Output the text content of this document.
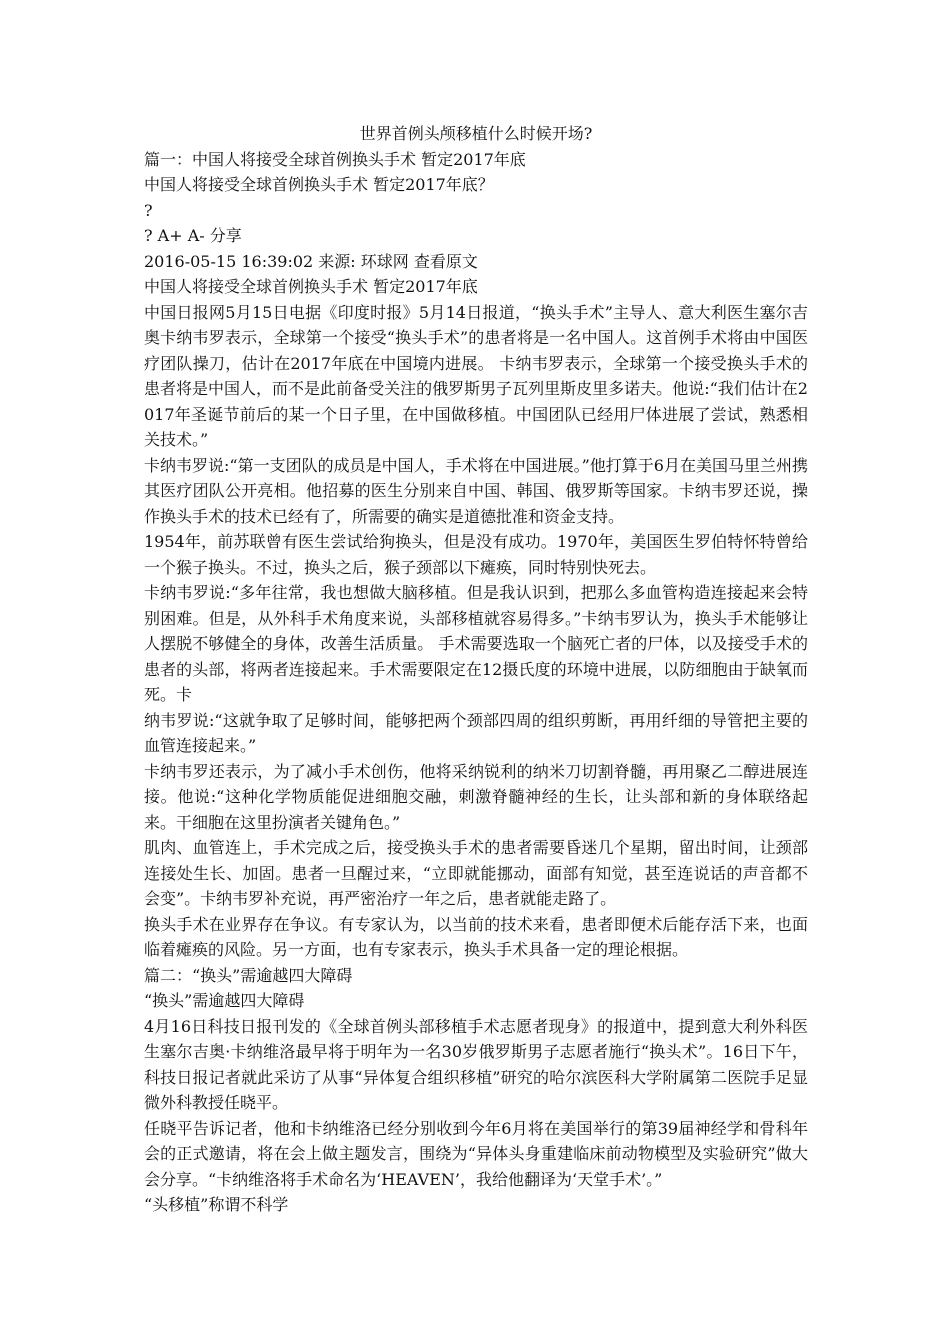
世界首例头颅移植什么时候开场?

篇一：中国人将接受全球首例换头手术 暂定2017年底

中国人将接受全球首例换头手术 暂定2017年底？

?

? A+ A- 分享

2016-05-15 16:39:02 来源: 环球网 查看原文

中国人将接受全球首例换头手术 暂定2017年底

中国日报网5月15日电据《印度时报》5月14日报道，“换头手术”主导人、意大利医生塞尔吉奥卡纳韦罗表示，全球第一个接受“换头手术”的患者将是一名中国人。这首例手术将由中国医疗团队操刀，估计在2017年底在中国境内进展。 卡纳韦罗表示，全球第一个接受换头手术的患者将是中国人，而不是此前备受关注的俄罗斯男子瓦列里斯皮里多诺夫。他说:“我们估计在2017年圣诞节前后的某一个日子里，在中国做移植。中国团队已经用尸体进展了尝试，熟悉相关技术。”

卡纳韦罗说:“第一支团队的成员是中国人，手术将在中国进展。”他打算于6月在美国马里兰州携其医疗团队公开亮相。他招募的医生分别来自中国、韩国、俄罗斯等国家。卡纳韦罗还说，操作换头手术的技术已经有了，所需要的确实是道德批准和资金支持。

1954年，前苏联曾有医生尝试给狗换头，但是没有成功。1970年，美国医生罗伯特怀特曾给一个猴子换头。不过，换头之后，猴子颈部以下瘫痪，同时特别快死去。

卡纳韦罗说:“多年往常，我也想做大脑移植。但是我认识到，把那么多血管构造连接起来会特别困难。但是，从外科手术角度来说，头部移植就容易得多。”卡纳韦罗认为，换头手术能够让人摆脱不够健全的身体，改善生活质量。 手术需要选取一个脑死亡者的尸体，以及接受手术的患者的头部，将两者连接起来。手术需要限定在12摄氏度的环境中进展，以防细胞由于缺氧而死。卡

纳韦罗说:“这就争取了足够时间，能够把两个颈部四周的组织剪断，再用纤细的导管把主要的血管连接起来。”

卡纳韦罗还表示，为了减小手术创伤，他将采纳锐利的纳米刀切割脊髓，再用聚乙二醇进展连接。他说:“这种化学物质能促进细胞交融，刺激脊髓神经的生长，让头部和新的身体联络起来。干细胞在这里扮演者关键角色。”

肌肉、血管连上，手术完成之后，接受换头手术的患者需要昏迷几个星期，留出时间，让颈部连接处生长、加固。患者一旦醒过来，“立即就能挪动，面部有知觉，甚至连说话的声音都不会变”。卡纳韦罗补充说，再严密治疗一年之后，患者就能走路了。

换头手术在业界存在争议。有专家认为，以当前的技术来看，患者即便术后能存活下来，也面临着瘫痪的风险。另一方面，也有专家表示，换头手术具备一定的理论根据。

篇二：“换头”需逾越四大障碍

“换头”需逾越四大障碍

4月16日科技日报刊发的《全球首例头部移植手术志愿者现身》的报道中，提到意大利外科医生塞尔吉奥·卡纳维洛最早将于明年为一名30岁俄罗斯男子志愿者施行“换头术”。16日下午，科技日报记者就此采访了从事“异体复合组织移植”研究的哈尔滨医科大学附属第二医院手足显微外科教授任晓平。

任晓平告诉记者，他和卡纳维洛已经分别收到今年6月将在美国举行的第39届神经学和骨科年会的正式邀请，将在会上做主题发言，围绕为“异体头身重建临床前动物模型及实验研究”做大会分享。“卡纳维洛将手术命名为‘HEAVEN’，我给他翻译为‘天堂手术’。”

“头移植”称谓不科学
